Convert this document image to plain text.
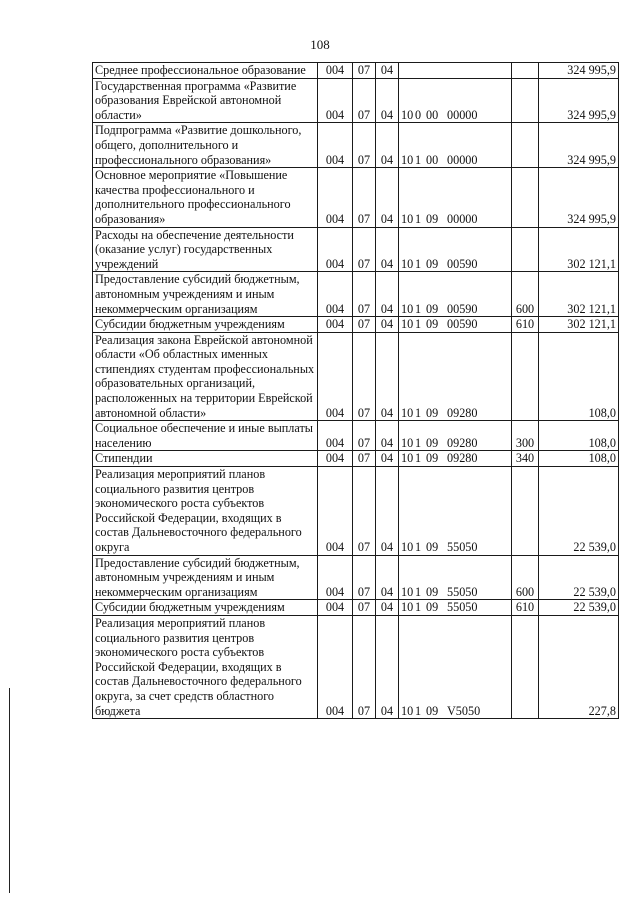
108
Среднее профессиональное образование	004	07	04			324 995,9
Государственная программа «Развитие образования Еврейской автономной области»	004	07	04	10 0 00 00000		324 995,9
Подпрограмма «Развитие дошкольного, общего, дополнительного и профессионального образования»	004	07	04	10 1 00 00000		324 995,9
Основное мероприятие «Повышение качества профессионального и дополнительного профессионального образования»	004	07	04	10 1 09 00000		324 995,9
Расходы на обеспечение деятельности (оказание услуг) государственных учреждений	004	07	04	10 1 09 00590		302 121,1
Предоставление субсидий бюджетным, автономным учреждениям и иным некоммерческим организациям	004	07	04	10 1 09 00590	600	302 121,1
Субсидии бюджетным учреждениям	004	07	04	10 1 09 00590	610	302 121,1
Реализация закона Еврейской автономной области «Об областных именных стипендиях студентам профессиональных образовательных организаций, расположенных на территории Еврейской автономной области»	004	07	04	10 1 09 09280		108,0
Социальное обеспечение и иные выплаты населению	004	07	04	10 1 09 09280	300	108,0
Стипендии	004	07	04	10 1 09 09280	340	108,0
Реализация мероприятий планов социального развития центров экономического роста субъектов Российской Федерации, входящих в состав Дальневосточного федерального округа	004	07	04	10 1 09 55050		22 539,0
Предоставление субсидий бюджетным, автономным учреждениям и иным некоммерческим организациям	004	07	04	10 1 09 55050	600	22 539,0
Субсидии бюджетным учреждениям	004	07	04	10 1 09 55050	610	22 539,0
Реализация мероприятий планов социального развития центров экономического роста субъектов Российской Федерации, входящих в состав Дальневосточного федерального округа, за счет средств областного бюджета	004	07	04	10 1 09 V5050		227,8
